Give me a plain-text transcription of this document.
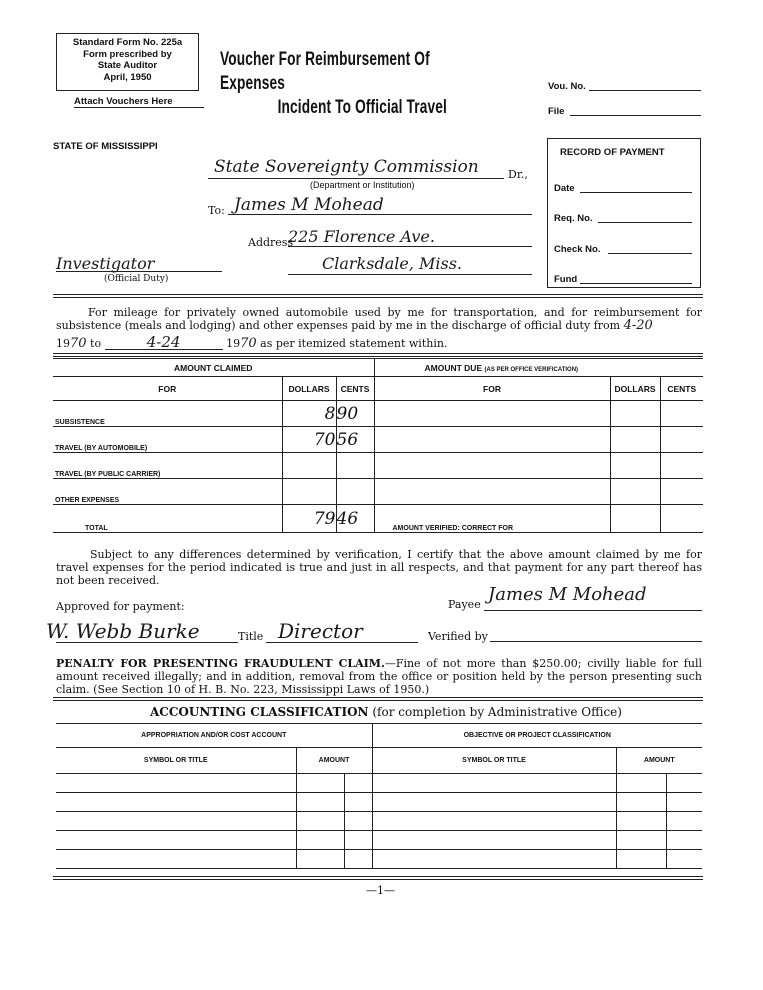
Standard Form No. 225a
Form prescribed by
State Auditor
April, 1950
Attach Vouchers Here
Voucher For Reimbursement Of Expenses
Incident To Official Travel
Vou. No.
File
STATE OF MISSISSIPPI
State Sovereignty Commission	Dr.,
(Department or Institution)
To: James M Mohead
Address
225 Florence Ave.
Clarksdale, Miss.
Investigator
(Official Duty)
RECORD OF PAYMENT
Date
Req. No.
Check No.
Fund
For mileage for privately owned automobile used by me for transportation, and for reimbursement for subsistence (meals and lodging) and other expenses paid by me in the discharge of official duty from 4-20
1970 to	4-24	1970 as per itemized statement within.
AMOUNT CLAIMED			AMOUNT DUE (AS PER OFFICE VERIFICATION)		
FOR	DOLLARS	CENTS	FOR	DOLLARS	CENTS
SUBSISTENCE	8	90			
TRAVEL (BY AUTOMOBILE)	70	56			
TRAVEL (BY PUBLIC CARRIER)					
OTHER EXPENSES					
TOTAL	79	46	AMOUNT VERIFIED: CORRECT FOR		
Subject to any differences determined by verification, I certify that the above amount claimed by me for travel expenses for the period indicated is true and just in all respects, and that payment for any part thereof has not been received.
Approved for payment:	Payee James M Mohead
W. Webb Burke	Title Director	Verified by
PENALTY FOR PRESENTING FRAUDULENT CLAIM.—Fine of not more than $250.00; civilly liable for full amount received illegally; and in addition, removal from the office or position held by the person presenting such claim. (See Section 10 of H. B. No. 223, Mississippi Laws of 1950.)
ACCOUNTING CLASSIFICATION (for completion by Administrative Office)
APPROPRIATION AND/OR COST ACCOUNT			OBJECTIVE OR PROJECT CLASSIFICATION		
SYMBOL OR TITLE	AMOUNT		SYMBOL OR TITLE	AMOUNT	

—1—
